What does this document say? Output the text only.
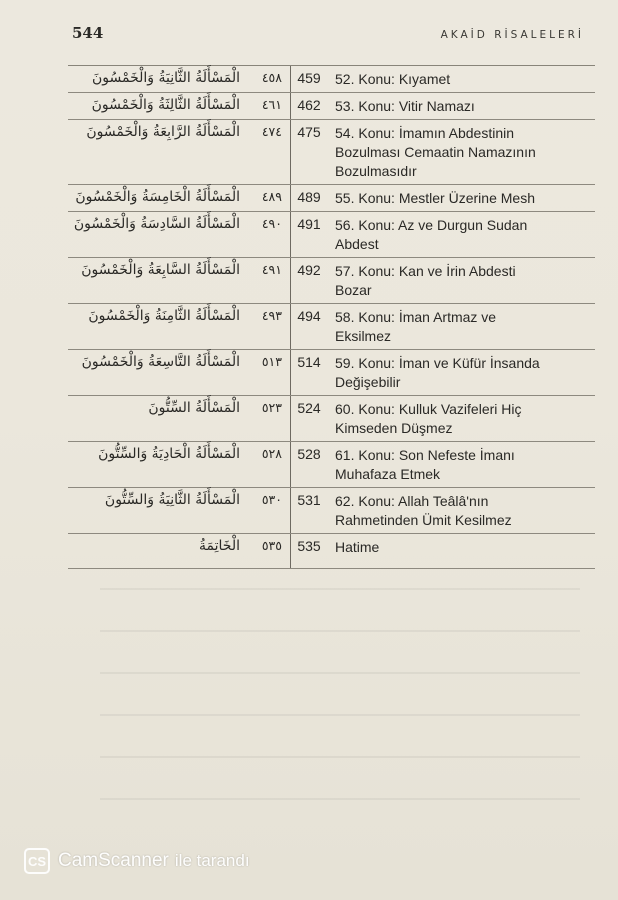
544	AKAİD RİSALELERİ
الْمَسْأَلَةُ الثَّانِيَةُ وَالْخَمْسُونَ	٤٥٨	459	52. Konu: Kıyamet
الْمَسْأَلَةُ الثَّالِثَةُ وَالْخَمْسُونَ	٤٦١	462	53. Konu: Vitir Namazı
الْمَسْأَلَةُ الرَّابِعَةُ وَالْخَمْسُونَ	٤٧٤	475	54. Konu: İmamın Abdestinin
Bozulması Cemaatin Namazının
Bozulmasıdır
الْمَسْأَلَةُ الْخَامِسَةُ وَالْخَمْسُونَ	٤٨٩	489	55. Konu: Mestler Üzerine Mesh
الْمَسْأَلَةُ السَّادِسَةُ وَالْخَمْسُونَ	٤٩٠	491	56. Konu: Az ve Durgun Sudan
Abdest
الْمَسْأَلَةُ السَّابِعَةُ وَالْخَمْسُونَ	٤٩١	492	57. Konu: Kan ve İrin Abdesti
Bozar
الْمَسْأَلَةُ الثَّامِنَةُ وَالْخَمْسُونَ	٤٩٣	494	58. Konu: İman Artmaz ve
Eksilmez
الْمَسْأَلَةُ التَّاسِعَةُ وَالْخَمْسُونَ	٥١٣	514	59. Konu: İman ve Küfür İnsanda
Değişebilir
الْمَسْأَلَةُ السِّتُّونَ	٥٢٣	524	60. Konu: Kulluk Vazifeleri Hiç
Kimseden Düşmez
الْمَسْأَلَةُ الْحَادِيَةُ وَالسِّتُّونَ	٥٢٨	528	61. Konu: Son Nefeste İmanı
Muhafaza Etmek
الْمَسْأَلَةُ الثَّانِيَةُ وَالسِّتُّونَ	٥٣٠	531	62. Konu: Allah Teâlâ'nın
Rahmetinden Ümit Kesilmez
الْخَاتِمَةُ	٥٣٥	535	Hatime
CS CamScanner ile tarandı
